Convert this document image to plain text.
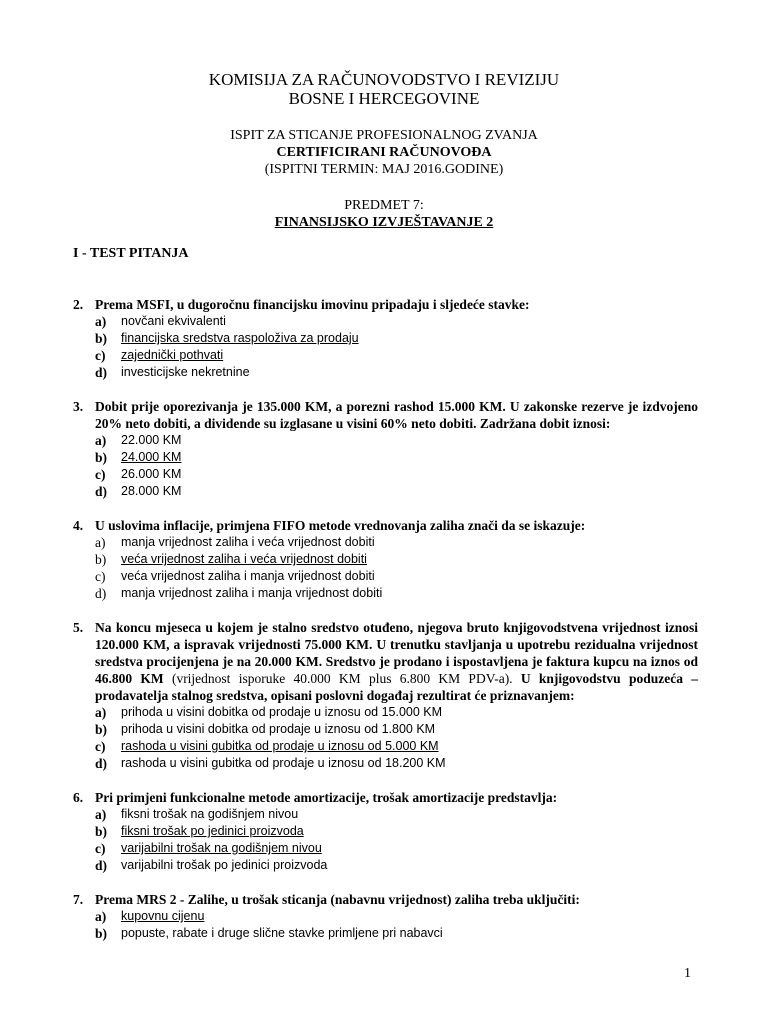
KOMISIJA ZA RAČUNOVODSTVO I REVIZIJU
BOSNE I HERCEGOVINE
ISPIT ZA STICANJE PROFESIONALNOG ZVANJA
CERTIFICIRANI RAČUNOVOĐA
(ISPITNI TERMIN: MAJ 2016.GODINE)
PREDMET 7:
FINANSIJSKO IZVJEŠTAVANJE 2
I - TEST PITANJA
2. Prema MSFI, u dugoročnu financijsku imovinu pripadaju i sljedeće stavke:
a)	novčani ekvivalenti
b)	financijska sredstva raspoloživa za prodaju
c)	zajednički pothvati
d)	investicijske nekretnine
3. Dobit prije oporezivanja je 135.000 KM, a porezni rashod 15.000 KM. U zakonske rezerve je izdvojeno 20% neto dobiti, a dividende su izglasane u visini 60% neto dobiti. Zadržana dobit iznosi:
a)	22.000 KM
b)	24.000 KM
c)	26.000 KM
d)	28.000 KM
4. U uslovima inflacije, primjena FIFO metode vrednovanja zaliha znači da se iskazuje:
a)	manja vrijednost zaliha i veća vrijednost dobiti
b)	veća vrijednost zaliha i veća vrijednost dobiti
c)	veća vrijednost zaliha i manja vrijednost dobiti
d)	manja vrijednost zaliha i manja vrijednost dobiti
5. Na koncu mjeseca u kojem je stalno sredstvo otuđeno, njegova bruto knjigovodstvena vrijednost iznosi 120.000 KM, a ispravak vrijednosti 75.000 KM. U trenutku stavljanja u upotrebu rezidualna vrijednost sredstva procijenjena je na 20.000 KM. Sredstvo je prodano i ispostavljena je faktura kupcu na iznos od 46.800 KM (vrijednost isporuke 40.000 KM plus 6.800 KM PDV-a). U knjigovodstvu poduzeća – prodavatelja stalnog sredstva, opisani poslovni događaj rezultirat će priznavanjem:
a)	prihoda u visini dobitka od prodaje u iznosu od 15.000 KM
b)	prihoda u visini dobitka od prodaje u iznosu od 1.800 KM
c)	rashoda u visini gubitka od prodaje u iznosu od 5.000 KM
d)	rashoda u visini gubitka od prodaje u iznosu od 18.200 KM
6. Pri primjeni funkcionalne metode amortizacije, trošak amortizacije predstavlja:
a)	fiksni trošak na godišnjem nivou
b)	fiksni trošak po jedinici proizvoda
c)	varijabilni trošak na godišnjem nivou
d)	varijabilni trošak po jedinici proizvoda
7. Prema MRS 2 - Zalihe, u trošak sticanja (nabavnu vrijednost) zaliha treba uključiti:
a)	kupovnu cijenu
b)	popuste, rabate i druge slične stavke primljene pri nabavci
1
